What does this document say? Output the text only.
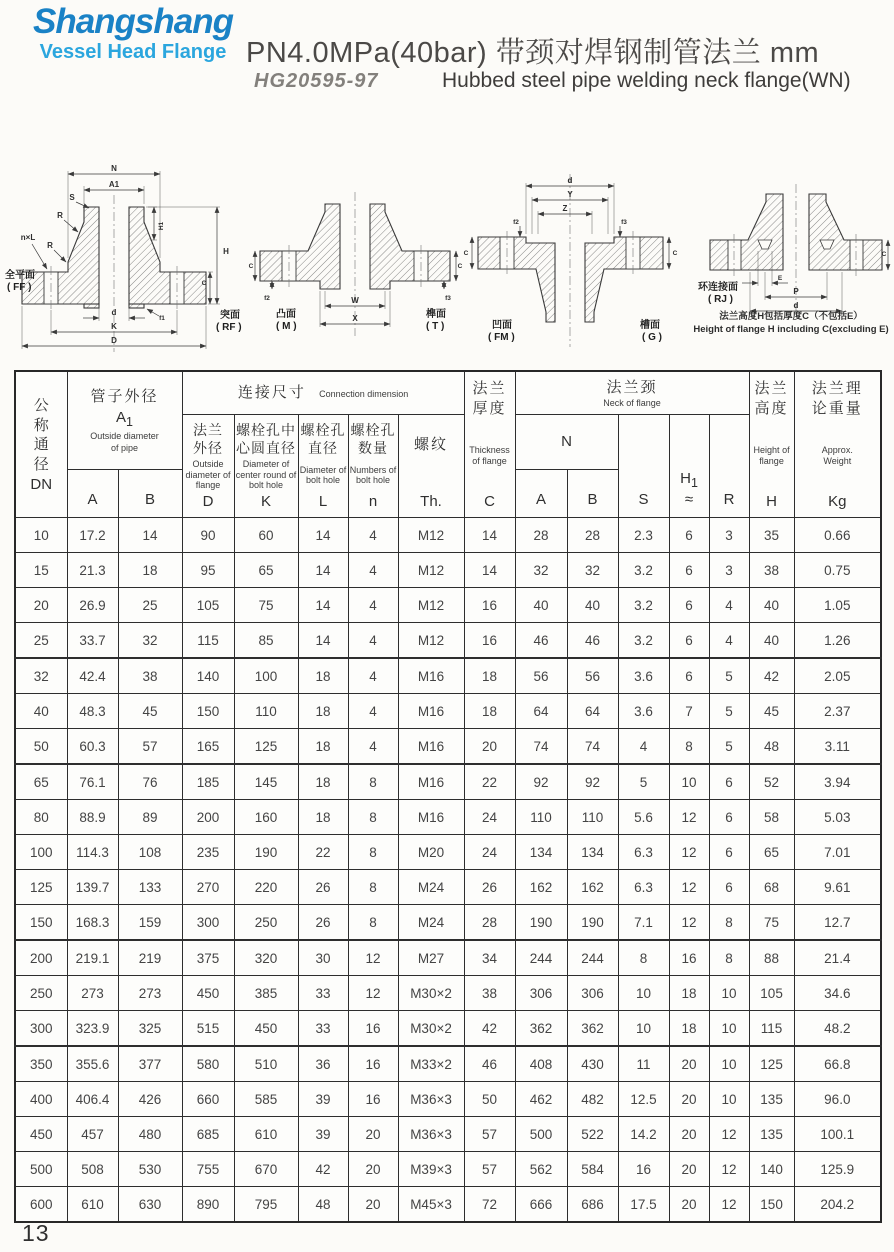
Shangshang
Vessel Head Flange PN4.0MPa(40bar) 带颈对焊钢制管法兰 mm
HG20595-97	Hubbed steel pipe welding neck flange(WN)
N
A1
S
R
R
n×L
H1
H
C
f1
d
K
D
全平面
( FF )
突面
( RF )
C
f2
C
f3
W
X
凸面
( M )
榫面
( T )
d
Y
Z
f2	f3
C	C
凹面
( FM )
槽面
( G )
C
E
P
d
环连接面
( RJ )
法兰高度H包括厚度C（不包括E）
Height of flange H including C(excluding E)
公称通径
DN

管子外径
$A_1$
Outside diameter
of pipe
	连接尺寸 Connection dimension	法兰
厚度
Thickness of flange
C

法兰颈
Neck of flange

法兰
高度
Height of flange
H

法兰理
论重量
Approx.
Weight
Kg

法兰
外径
Outside diameter of flange
D

螺栓孔中
心圆直径
Diameter of center round of bolt hole
K

螺栓孔
直径
Diameter of bolt hole
L

螺栓孔
数量
Numbers of bolt hole
n

螺纹
Th.
	N	
S

$H_1$
≈	R

	A	B							A	B					

10	17.2	14	90	60	14	4	M12	14	28	28	2.3	6	3	35	0.66
15	21.3	18	95	65	14	4	M12	14	32	32	3.2	6	3	38	0.75
20	26.9	25	105	75	14	4	M12	16	40	40	3.2	6	4	40	1.05
25	33.7	32	115	85	14	4	M12	16	46	46	3.2	6	4	40	1.26
32	42.4	38	140	100	18	4	M16	18	56	56	3.6	6	5	42	2.05
40	48.3	45	150	110	18	4	M16	18	64	64	3.6	7	5	45	2.37
50	60.3	57	165	125	18	4	M16	20	74	74	4	8	5	48	3.11
65	76.1	76	185	145	18	8	M16	22	92	92	5	10	6	52	3.94
80	88.9	89	200	160	18	8	M16	24	110	110	5.6	12	6	58	5.03
100	114.3	108	235	190	22	8	M20	24	134	134	6.3	12	6	65	7.01
125	139.7	133	270	220	26	8	M24	26	162	162	6.3	12	6	68	9.61
150	168.3	159	300	250	26	8	M24	28	190	190	7.1	12	8	75	12.7
200	219.1	219	375	320	30	12	M27	34	244	244	8	16	8	88	21.4
250	273	273	450	385	33	12	M30×2	38	306	306	10	18	10	105	34.6
300	323.9	325	515	450	33	16	M30×2	42	362	362	10	18	10	115	48.2
350	355.6	377	580	510	36	16	M33×2	46	408	430	11	20	10	125	66.8
400	406.4	426	660	585	39	16	M36×3	50	462	482	12.5	20	10	135	96.0
450	457	480	685	610	39	20	M36×3	57	500	522	14.2	20	12	135	100.1
500	508	530	755	670	42	20	M39×3	57	562	584	16	20	12	140	125.9
600	610	630	890	795	48	20	M45×3	72	666	686	17.5	20	12	150	204.2
13
